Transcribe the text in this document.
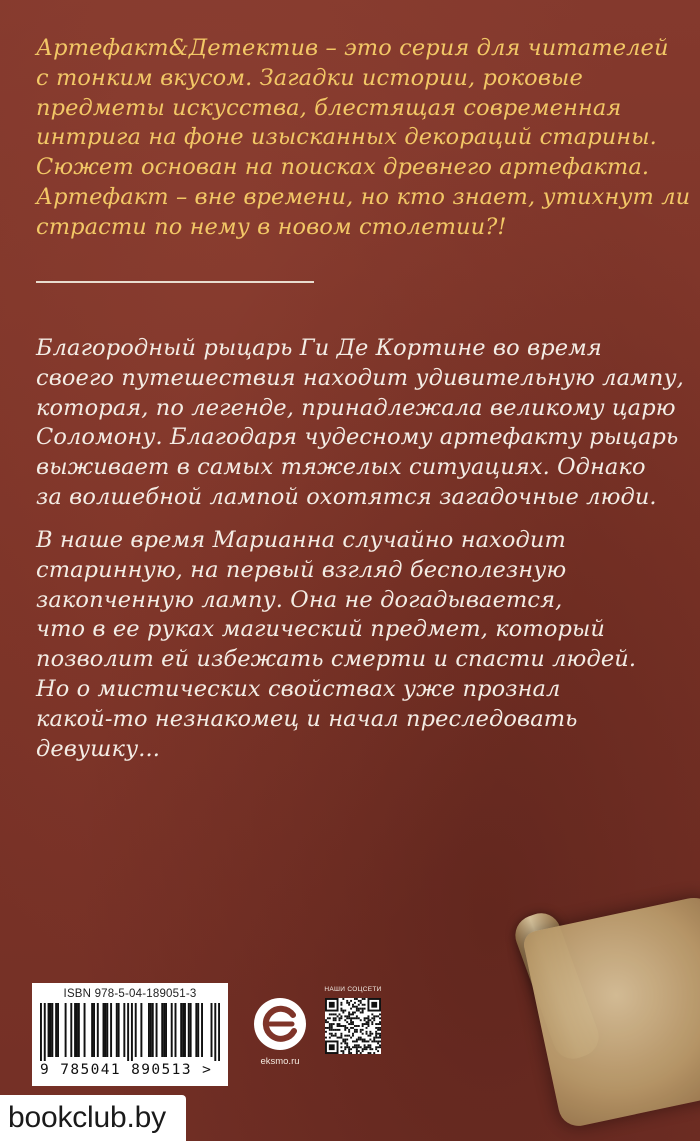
Артефакт&Детектив – это серия для читателей
с тонким вкусом. Загадки истории, роковые
предметы искусства, блестящая современная
интрига на фоне изысканных декораций старины.
Сюжет основан на поисках древнего артефакта.
Артефакт – вне времени, но кто знает, утихнут ли
страсти по нему в новом столетии?!

Благородный рыцарь Ги Де Кортине во время
своего путешествия находит удивительную лампу,
которая, по легенде, принадлежала великому царю
Соломону. Благодаря чудесному артефакту рыцарь
выживает в самых тяжелых ситуациях. Однако
за волшебной лампой охотятся загадочные люди.

В наше время Марианна случайно находит
старинную, на первый взгляд бесполезную
закопченную лампу. Она не догадывается,
что в ее руках магический предмет, который
позволит ей избежать смерти и спасти людей.
Но о мистических свойствах уже прознал
какой-то незнакомец и начал преследовать
девушку...

ISBN 978-5-04-189051-3
9 785041 890513 >
eksmo.ru
НАШИ СОЦСЕТИ
bookclub.by
